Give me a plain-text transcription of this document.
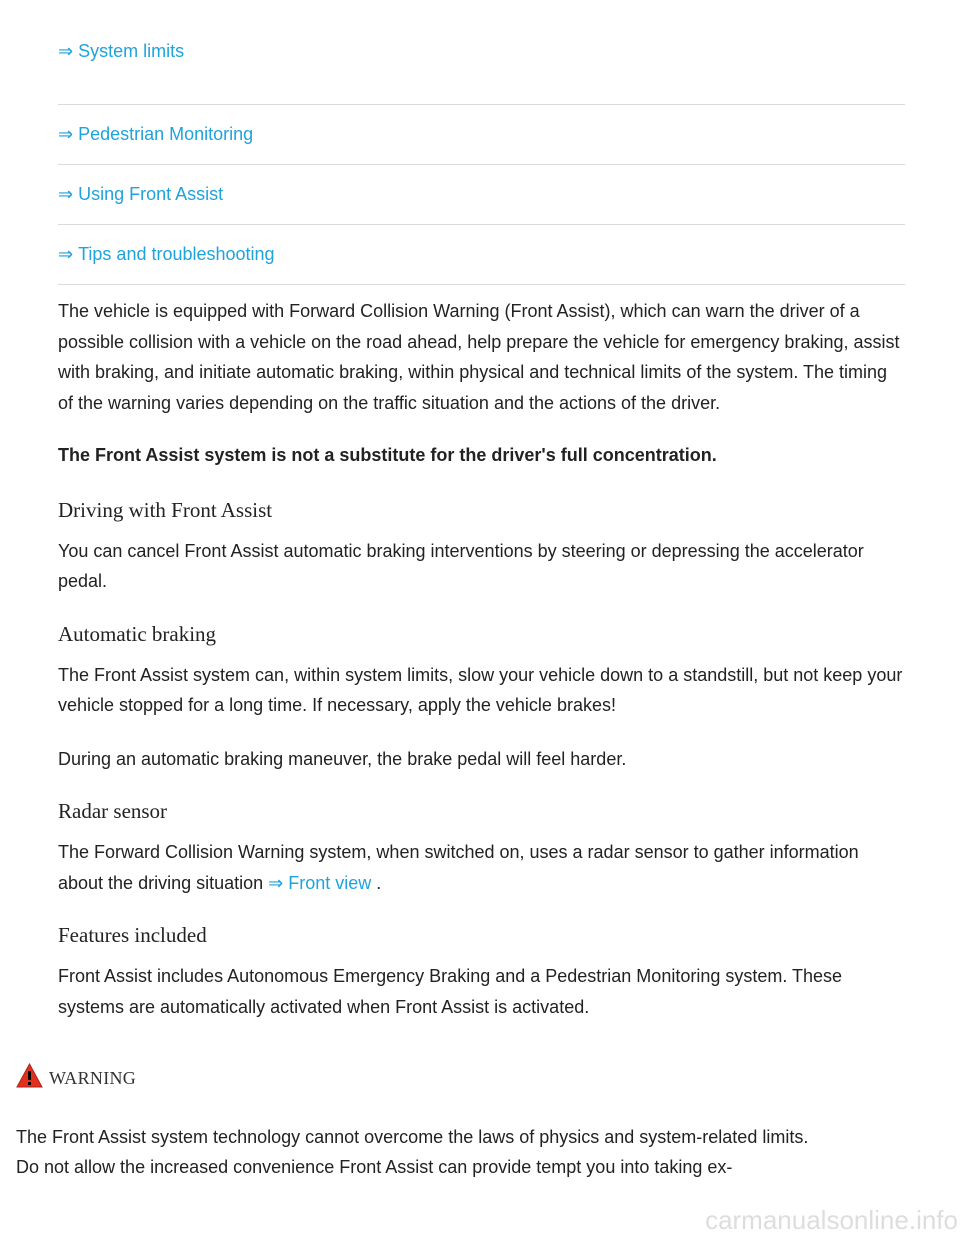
⇒ System limits
⇒ Pedestrian Monitoring
⇒ Using Front Assist
⇒ Tips and troubleshooting

The vehicle is equipped with Forward Collision Warning (Front Assist), which can warn the driver of a possible collision with a vehicle on the road ahead, help prepare the vehicle for emergency braking, assist with braking, and initiate automatic braking, within physical and technical limits of the system. The timing of the warning varies depending on the traffic situation and the actions of the driver.

The Front Assist system is not a substitute for the driver's full concentration.

Driving with Front Assist

You can cancel Front Assist automatic braking interventions by steering or depressing the accelerator pedal.

Automatic braking

The Front Assist system can, within system limits, slow your vehicle down to a standstill, but not keep your vehicle stopped for a long time. If necessary, apply the vehicle brakes!

During an automatic braking maneuver, the brake pedal will feel harder.

Radar sensor

The Forward Collision Warning system, when switched on, uses a radar sensor to gather information about the driving situation ⇒ Front view .

Features included

Front Assist includes Autonomous Emergency Braking and a Pedestrian Monitoring system. These systems are automatically activated when Front Assist is activated.

WARNING
The Front Assist system technology cannot overcome the laws of physics and system-related limits. Do not allow the increased convenience Front Assist can provide tempt you into taking ex-
carmanualsonline.info
